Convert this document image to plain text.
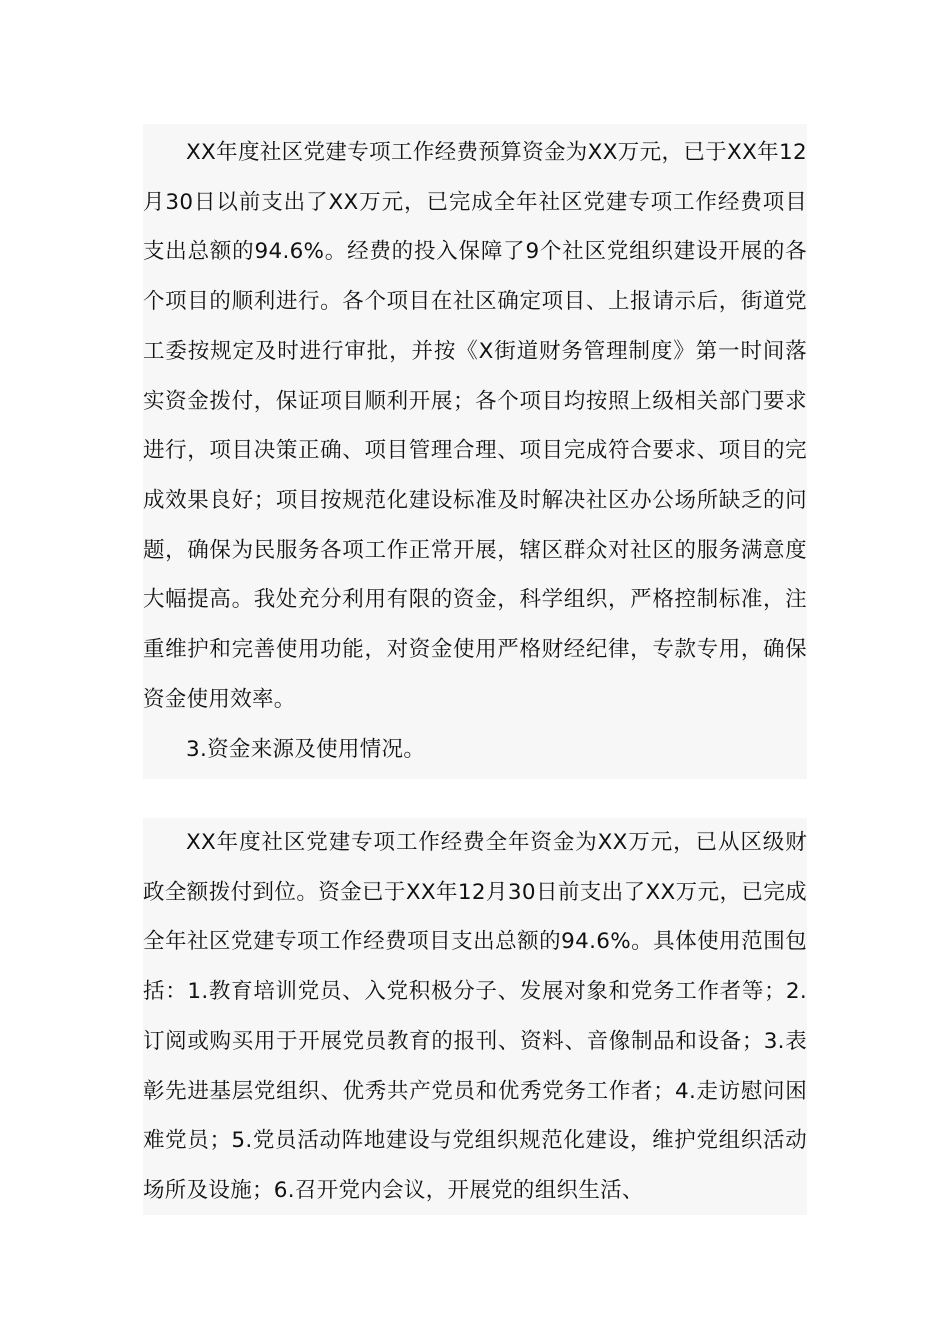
XX年度社区党建专项工作经费预算资金为XX万元，已于XX年12月30日以前支出了XX万元，已完成全年社区党建专项工作经费项目支出总额的94.6%。经费的投入保障了9个社区党组织建设开展的各个项目的顺利进行。各个项目在社区确定项目、上报请示后，街道党工委按规定及时进行审批，并按《X街道财务管理制度》第一时间落实资金拨付，保证项目顺利开展；各个项目均按照上级相关部门要求进行，项目决策正确、项目管理合理、项目完成符合要求、项目的完成效果良好；项目按规范化建设标准及时解决社区办公场所缺乏的问题，确保为民服务各项工作正常开展，辖区群众对社区的服务满意度大幅提高。我处充分利用有限的资金，科学组织，严格控制标准，注重维护和完善使用功能，对资金使用严格财经纪律，专款专用，确保资金使用效率。

3.资金来源及使用情况。

XX年度社区党建专项工作经费全年资金为XX万元，已从区级财政全额拨付到位。资金已于XX年12月30日前支出了XX万元，已完成全年社区党建专项工作经费项目支出总额的94.6%。具体使用范围包括：1.教育培训党员、入党积极分子、发展对象和党务工作者等；2.订阅或购买用于开展党员教育的报刊、资料、音像制品和设备；3.表彰先进基层党组织、优秀共产党员和优秀党务工作者；4.走访慰问困难党员；5.党员活动阵地建设与党组织规范化建设，维护党组织活动场所及设施；6.召开党内会议，开展党的组织生活、
